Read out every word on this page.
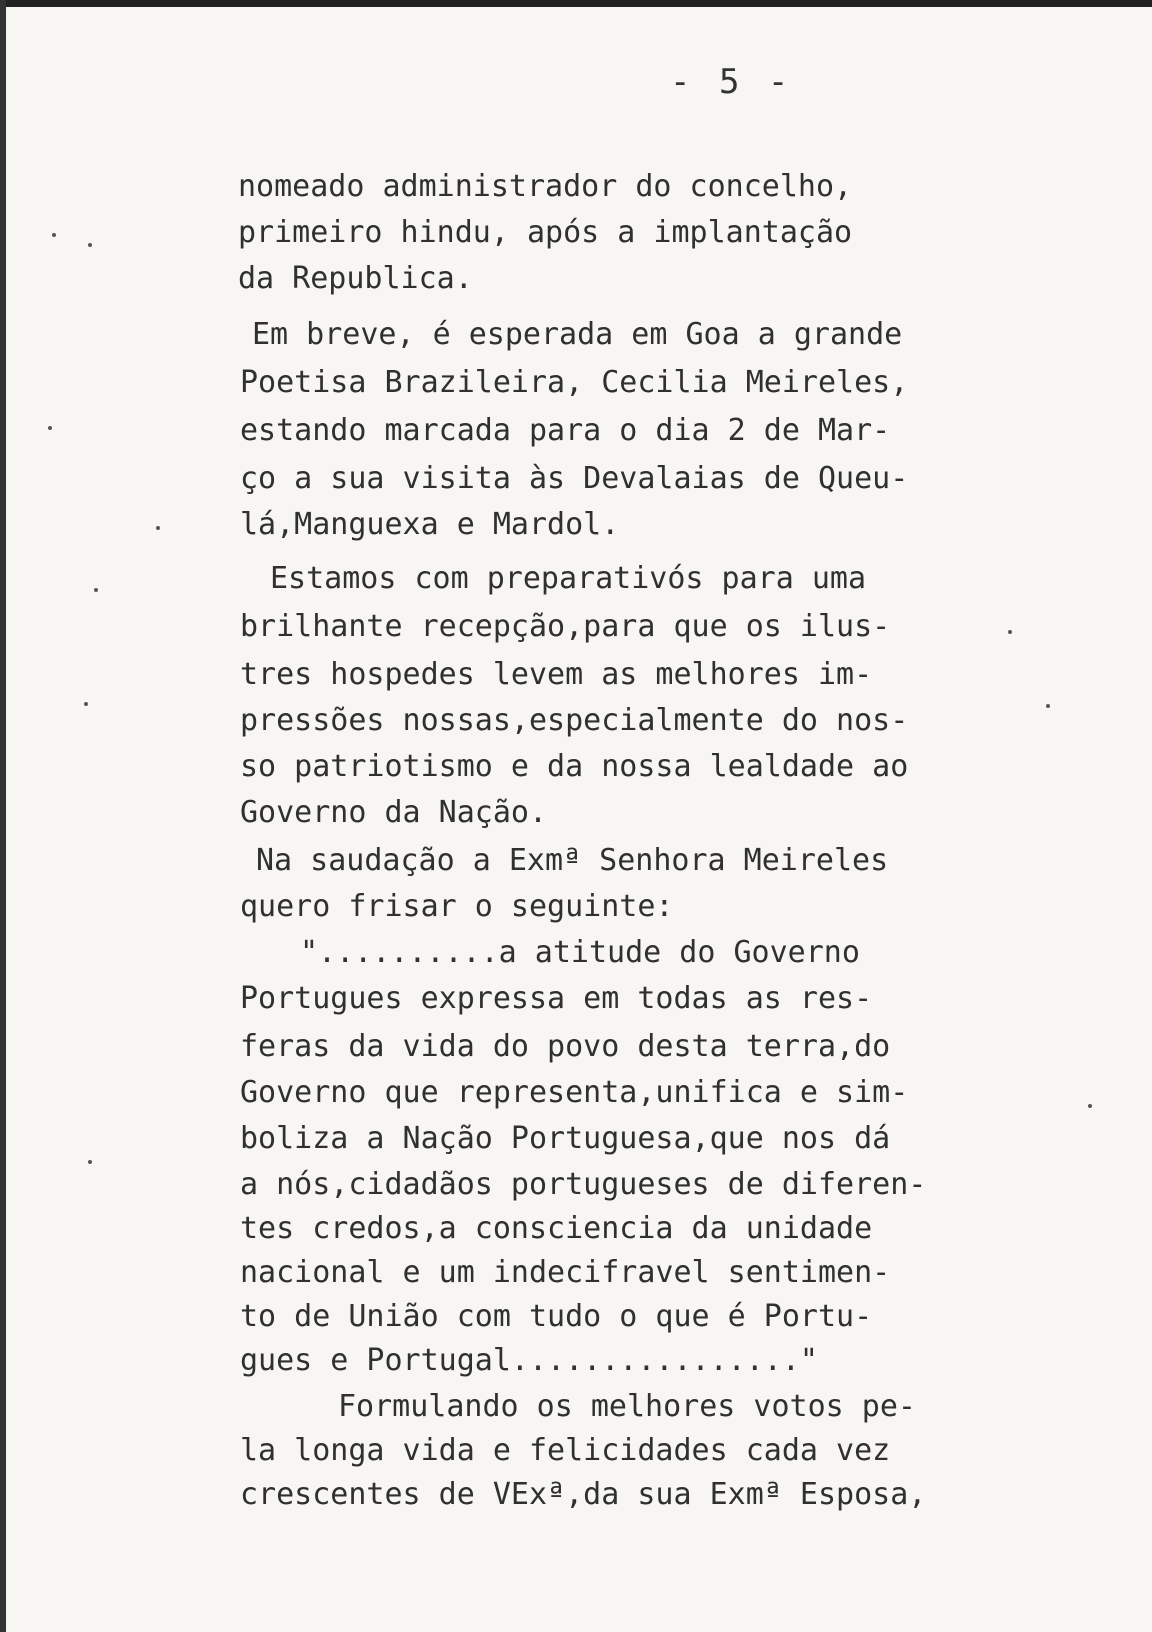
- 5 -
nomeado administrador do concelho,
primeiro hindu, após a implantação
da Republica.
Em breve, é esperada em Goa a grande
Poetisa Brazileira, Cecilia Meireles,
estando marcada para o dia 2 de Mar-
ço a sua visita às Devalaias de Queu-
lá,Manguexa e Mardol.
Estamos com preparativós para uma
brilhante recepção,para que os ilus-
tres hospedes levem as melhores im-
pressões nossas,especialmente do nos-
so patriotismo e da nossa lealdade ao
Governo da Nação.
Na saudação a Exmª Senhora Meireles
quero frisar o seguinte:
"..........a atitude do Governo
Portugues expressa em todas as res-
feras da vida do povo desta terra,do
Governo que representa,unifica e sim-
boliza a Nação Portuguesa,que nos dá
a nós,cidadãos portugueses de diferen-
tes credos,a consciencia da unidade
nacional e um indecifravel sentimen-
to de União com tudo o que é Portu-
gues e Portugal................"
Formulando os melhores votos pe-
la longa vida e felicidades cada vez
crescentes de VExª,da sua Exmª Esposa,
